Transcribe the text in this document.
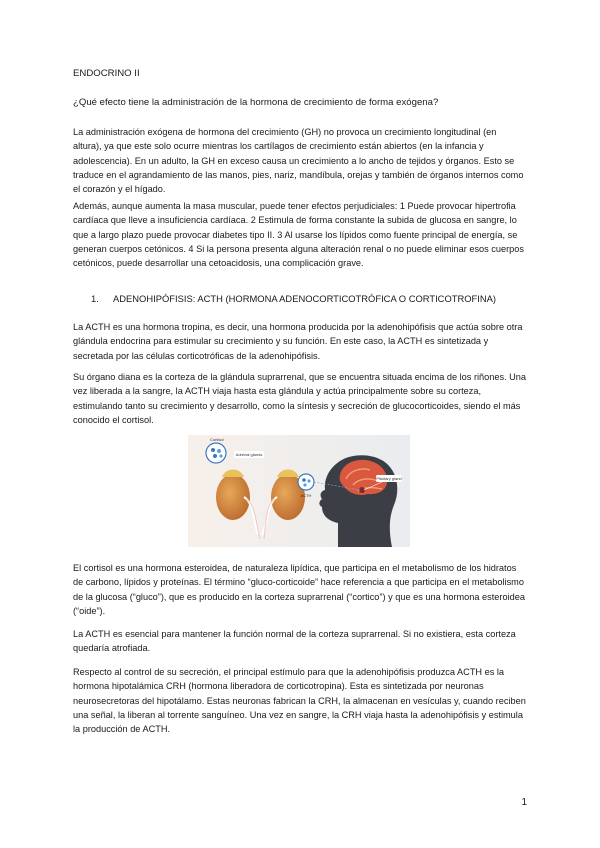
ENDOCRINO II

¿Qué efecto tiene la administración de la hormona de crecimiento de forma exógena?

La administración exógena de hormona del crecimiento (GH) no provoca un crecimiento longitudinal (en altura), ya que este solo ocurre mientras los cartílagos de crecimiento están abiertos (en la infancia y adolescencia). En un adulto, la GH en exceso causa un crecimiento a lo ancho de tejidos y órganos. Esto se traduce en el agrandamiento de las manos, pies, nariz, mandíbula, orejas y también de órganos internos como el corazón y el hígado.

Además, aunque aumenta la masa muscular, puede tener efectos perjudiciales: 1 Puede provocar hipertrofia cardíaca que lleve a insuficiencia cardíaca. 2 Estimula de forma constante la subida de glucosa en sangre, lo que a largo plazo puede provocar diabetes tipo II. 3 Al usarse los lípidos como fuente principal de energía, se generan cuerpos cetónicos. 4 Si la persona presenta alguna alteración renal o no puede eliminar esos cuerpos cetónicos, puede desarrollar una cetoacidosis, una complicación grave.

1. ADENOHIPÓFISIS: ACTH (HORMONA ADENOCORTICOTRÓFICA O CORTICOTROFINA)

La ACTH es una hormona tropina, es decir, una hormona producida por la adenohipófisis que actúa sobre otra glándula endocrina para estimular su crecimiento y su función. En este caso, la ACTH es sintetizada y secretada por las células corticotróficas de la adenohipófisis.

Su órgano diana es la corteza de la glándula suprarrenal, que se encuentra situada encima de los riñones. Una vez liberada a la sangre, la ACTH viaja hasta esta glándula y actúa principalmente sobre su corteza, estimulando tanto su crecimiento y desarrollo, como la síntesis y secreción de glucocorticoides, siendo el más conocido el cortisol.

Pituitary gland
Adrenal glands
Cortisol
ACTH

El cortisol es una hormona esteroidea, de naturaleza lipídica, que participa en el metabolismo de los hidratos de carbono, lípidos y proteínas. El término “gluco-corticoide” hace referencia a que participa en el metabolismo de la glucosa (“gluco”), que es producido en la corteza suprarrenal (“cortico”) y que es una hormona esteroidea (“oide”).

La ACTH es esencial para mantener la función normal de la corteza suprarrenal. Si no existiera, esta corteza quedaría atrofiada.

Respecto al control de su secreción, el principal estímulo para que la adenohipófisis produzca ACTH es la hormona hipotalámica CRH (hormona liberadora de corticotropina). Esta es sintetizada por neuronas neurosecretoras del hipotálamo. Estas neuronas fabrican la CRH, la almacenan en vesículas y, cuando reciben una señal, la liberan al torrente sanguíneo. Una vez en sangre, la CRH viaja hasta la adenohipófisis y estimula la producción de ACTH.

1
